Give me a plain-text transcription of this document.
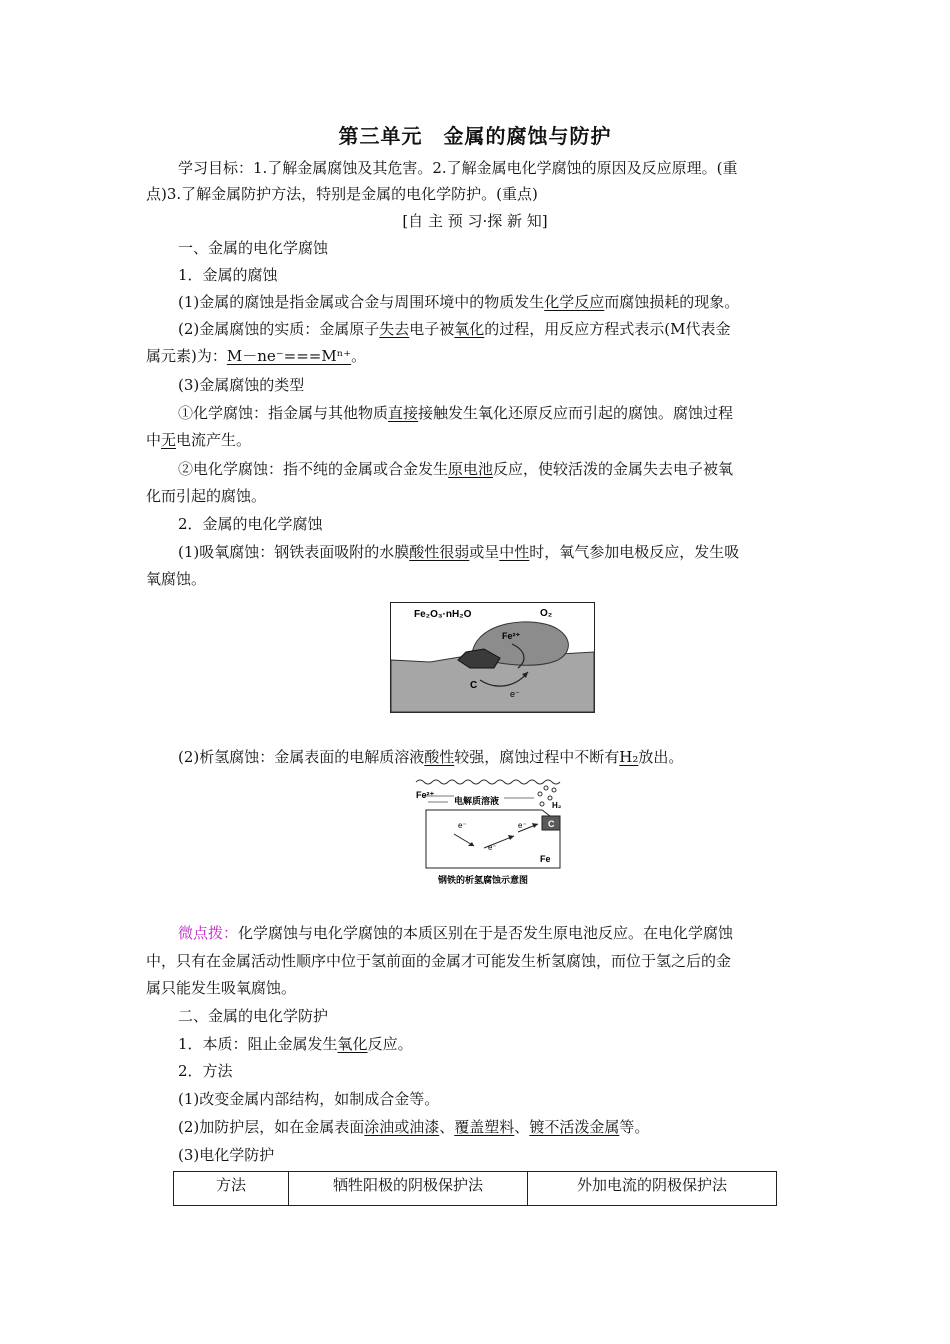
第三单元　金属的腐蚀与防护
学习目标：1.了解金属腐蚀及其危害。2.了解金属电化学腐蚀的原因及反应原理。(重
点)3.了解金属防护方法，特别是金属的电化学防护。(重点)
[自 主 预 习·探 新 知]
一、金属的电化学腐蚀
1．金属的腐蚀
(1)金属的腐蚀是指金属或合金与周围环境中的物质发生化学反应而腐蚀损耗的现象。
(2)金属腐蚀的实质：金属原子失去电子被氧化的过程，用反应方程式表示(M代表金
属元素)为：M－ne⁻===Mⁿ⁺。
(3)金属腐蚀的类型
①化学腐蚀：指金属与其他物质直接接触发生氧化还原反应而引起的腐蚀。腐蚀过程
中无电流产生。
②电化学腐蚀：指不纯的金属或合金发生原电池反应，使较活泼的金属失去电子被氧
化而引起的腐蚀。
2．金属的电化学腐蚀
(1)吸氧腐蚀：钢铁表面吸附的水膜酸性很弱或呈中性时，氧气参加电极反应，发生吸
氧腐蚀。
Fe₂O₃·nH₂O	O₂
Fe²⁺
C
e⁻
(2)析氢腐蚀：金属表面的电解质溶液酸性较强，腐蚀过程中不断有H₂放出。
Fe²⁺
电解质溶液	H₂
e⁻
e⁻
e⁻ C
Fe
钢铁的析氢腐蚀示意图
微点拨：化学腐蚀与电化学腐蚀的本质区别在于是否发生原电池反应。在电化学腐蚀
中，只有在金属活动性顺序中位于氢前面的金属才可能发生析氢腐蚀，而位于氢之后的金
属只能发生吸氧腐蚀。
二、金属的电化学防护
1．本质：阻止金属发生氧化反应。
2．方法
(1)改变金属内部结构，如制成合金等。
(2)加防护层，如在金属表面涂油或油漆、覆盖塑料、镀不活泼金属等。
(3)电化学防护
方法	牺牲阳极的阴极保护法	外加电流的阴极保护法
